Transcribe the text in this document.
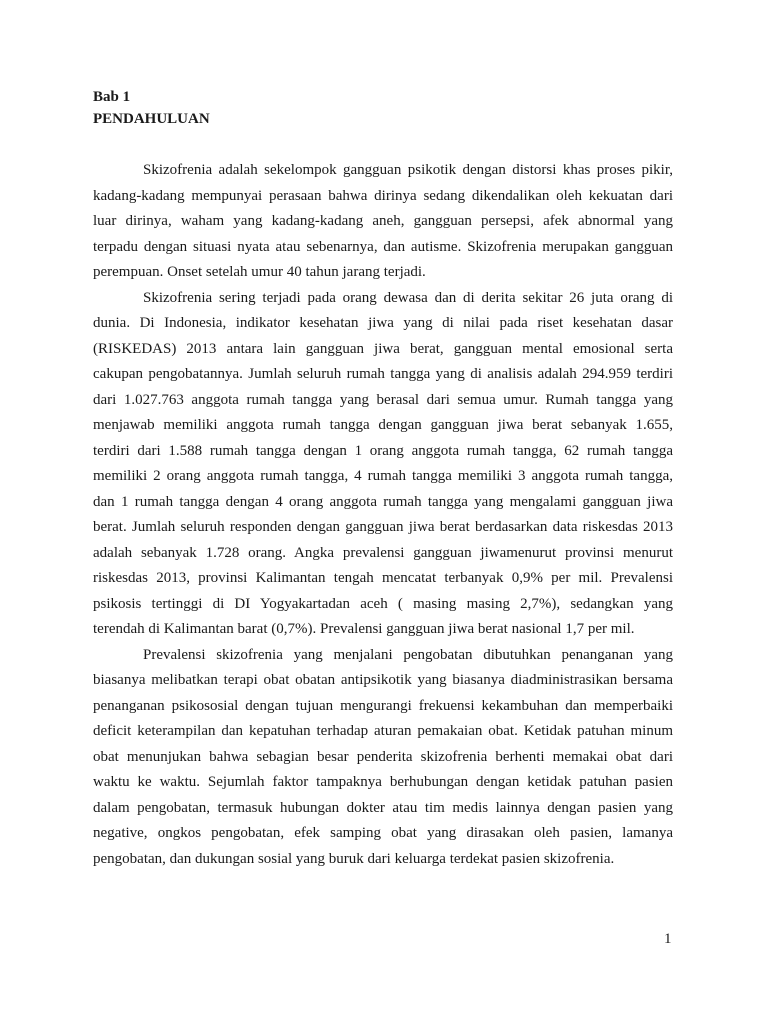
Bab 1
PENDAHULUAN
Skizofrenia adalah sekelompok gangguan psikotik dengan distorsi khas proses pikir,
kadang-kadang mempunyai perasaan bahwa dirinya sedang dikendalikan oleh kekuatan dari
luar dirinya, waham yang kadang-kadang aneh, gangguan persepsi, afek abnormal yang
terpadu dengan situasi nyata atau sebenarnya, dan autisme. Skizofrenia merupakan gangguan
perempuan. Onset setelah umur 40 tahun jarang terjadi.
Skizofrenia sering terjadi pada orang dewasa dan di derita sekitar 26 juta orang di
dunia. Di Indonesia, indikator kesehatan jiwa yang di nilai pada riset kesehatan dasar
(RISKEDAS) 2013 antara lain gangguan jiwa berat, gangguan mental emosional serta
cakupan pengobatannya. Jumlah seluruh rumah tangga yang di analisis adalah 294.959 terdiri
dari 1.027.763 anggota rumah tangga yang berasal dari semua umur. Rumah tangga yang
menjawab memiliki anggota rumah tangga dengan gangguan jiwa berat sebanyak 1.655,
terdiri dari 1.588 rumah tangga dengan 1 orang anggota rumah tangga, 62 rumah tangga
memiliki 2 orang anggota rumah tangga, 4 rumah tangga memiliki 3 anggota rumah tangga,
dan 1 rumah tangga dengan 4 orang anggota rumah tangga yang mengalami gangguan jiwa
berat. Jumlah seluruh responden dengan gangguan jiwa berat berdasarkan data riskesdas 2013
adalah sebanyak 1.728 orang. Angka prevalensi gangguan jiwamenurut provinsi menurut
riskesdas 2013, provinsi Kalimantan tengah mencatat terbanyak 0,9% per mil. Prevalensi
psikosis tertinggi di DI Yogyakartadan aceh ( masing masing 2,7%), sedangkan yang
terendah di Kalimantan barat (0,7%). Prevalensi gangguan jiwa berat nasional 1,7 per mil.
Prevalensi skizofrenia yang menjalani pengobatan dibutuhkan penanganan yang
biasanya melibatkan terapi obat obatan antipsikotik yang biasanya diadministrasikan bersama
penanganan psikososial dengan tujuan mengurangi frekuensi kekambuhan dan memperbaiki
deficit keterampilan dan kepatuhan terhadap aturan pemakaian obat. Ketidak patuhan minum
obat menunjukan bahwa sebagian besar penderita skizofrenia berhenti memakai obat dari
waktu ke waktu. Sejumlah faktor tampaknya berhubungan dengan ketidak patuhan pasien
dalam pengobatan, termasuk hubungan dokter atau tim medis lainnya dengan pasien yang
negative, ongkos pengobatan, efek samping obat yang dirasakan oleh pasien, lamanya
pengobatan, dan dukungan sosial yang buruk dari keluarga terdekat pasien skizofrenia.
1
